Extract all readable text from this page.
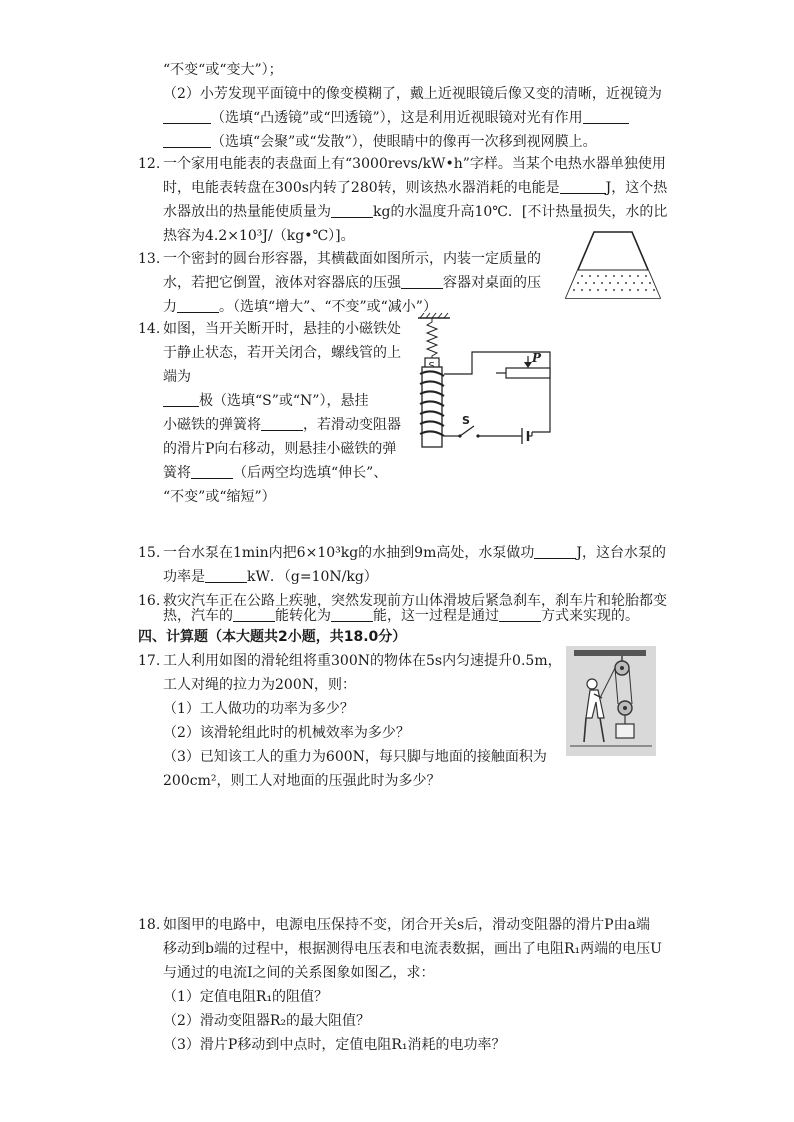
“不变“或“变大”）；
（2）小芳发现平面镜中的像变模糊了，戴上近视眼镜后像又变的清晰，近视镜为
（选填“凸透镜”或“凹透镜”），这是利用近视眼镜对光有作用
（选填“会聚”或“发散”），使眼睛中的像再一次移到视网膜上。
12. 一个家用电能表的表盘面上有“3000revs/kW•h”字样。当某个电热水器单独使用
时，电能表转盘在300s内转了280转，则该热水器消耗的电能是	J，这个热
水器放出的热量能使质量为	kg的水温度升高10℃．[不计热量损失，水的比
热容为4.2×10³J/（kg•℃）]。
13. 一个密封的圆台形容器，其横截面如图所示，内装一定质量的
水，若把它倒置，液体对容器底的压强	容器对桌面的压
力	。（选填“增大”、“不变”或“减小”）
14. 如图，当开关断开时，悬挂的小磁铁处
于静止状态，若开关闭合，螺线管的上
端为
极（选填“S”或“N”），悬挂
小磁铁的弹簧将	，若滑动变阻器
的滑片P向右移动，则悬挂小磁铁的弹
簧将	（后两空均选填“伸长”、
“不变”或“缩短”）
S
P
15. 一台水泵在1min内把6×10³kg的水抽到9m高处，水泵做功	J，这台水泵的
功率是	kW．（g=10N/kg）
16. 救灾汽车正在公路上疾驰，突然发现前方山体滑坡后紧急刹车，刹车片和轮胎都变
热，汽车的	能转化为	能，这一过程是通过	方式来实现的。
四、计算题（本大题共2小题，共18.0分）
17. 工人利用如图的滑轮组将重300N的物体在5s内匀速提升0.5m，
工人对绳的拉力为200N，则：
（1）工人做功的功率为多少？
（2）该滑轮组此时的机械效率为多少？
（3）已知该工人的重力为600N，每只脚与地面的接触面积为
200cm²，则工人对地面的压强此时为多少？
18. 如图甲的电路中，电源电压保持不变，闭合开关s后，滑动变阻器的滑片P由a端
移动到b端的过程中，根据测得电压表和电流表数据，画出了电阻R₁两端的电压U
与通过的电流I之间的关系图象如图乙，求：
（1）定值电阻R₁的阻值？
（2）滑动变阻器R₂的最大阻值？
（3）滑片P移动到中点时，定值电阻R₁消耗的电功率？
